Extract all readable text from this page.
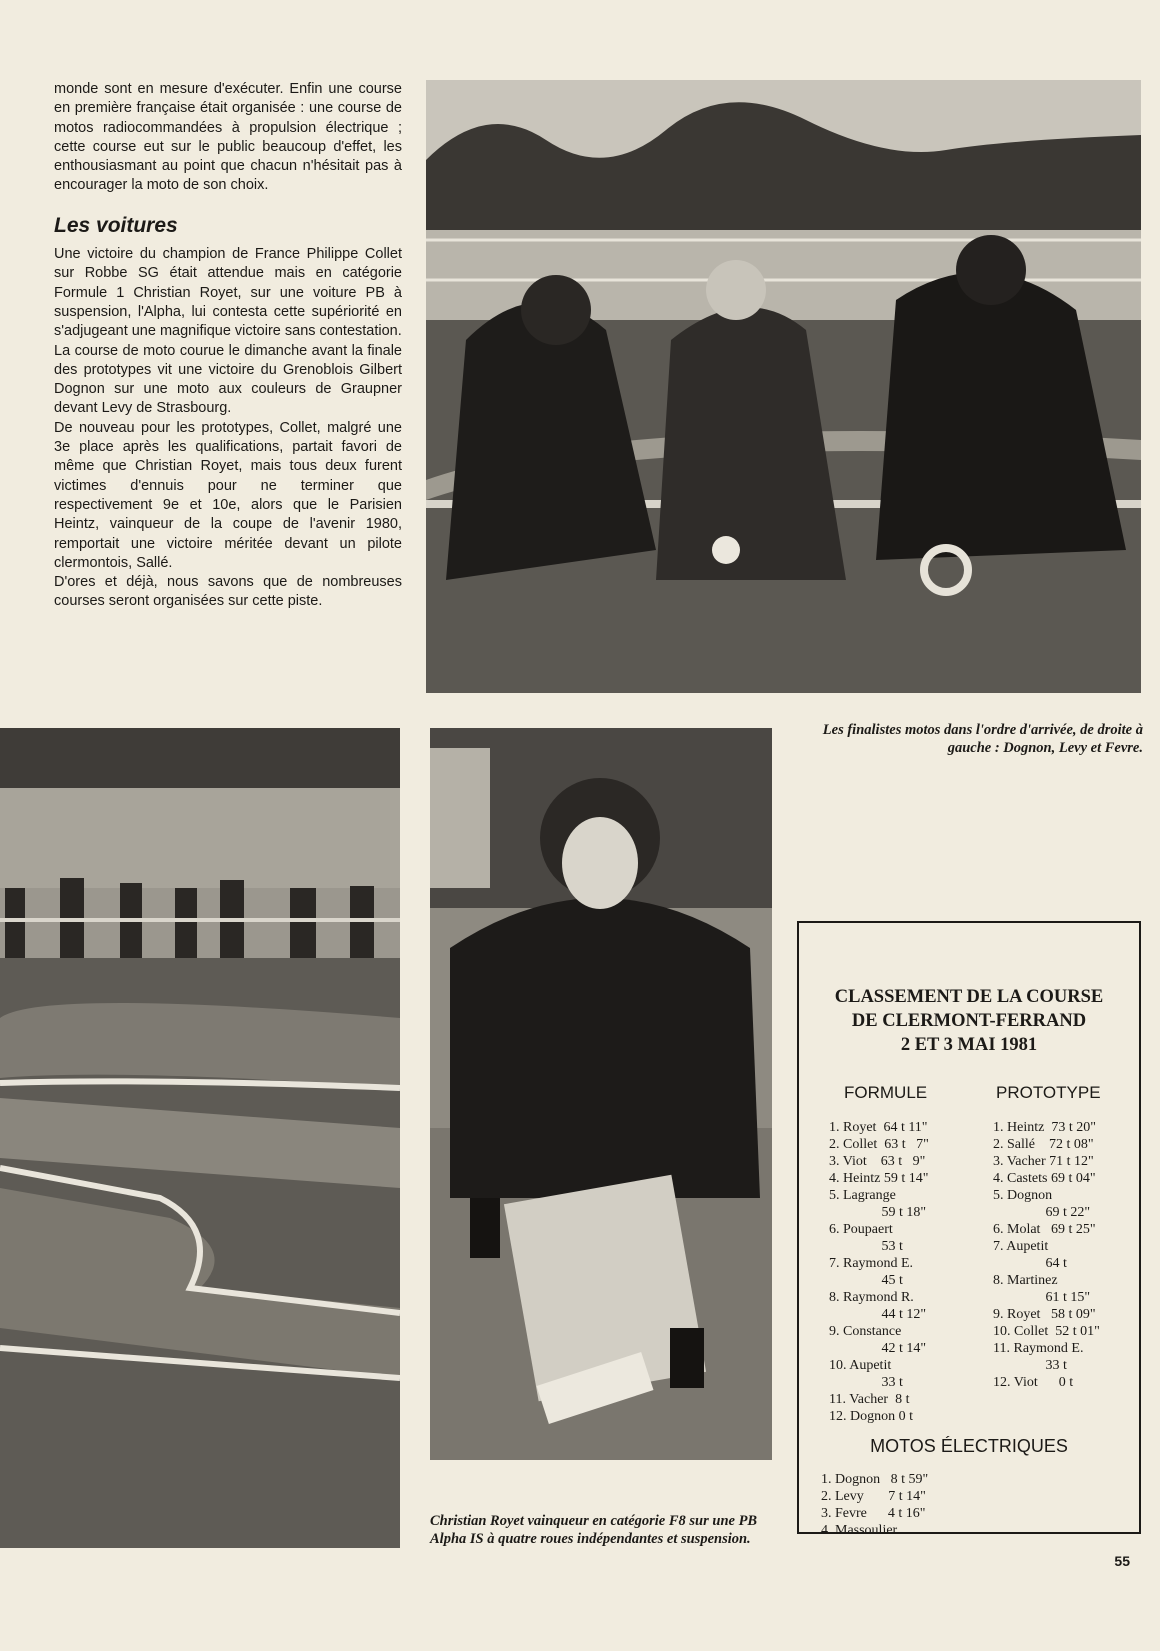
monde sont en mesure d'exécuter. Enfin une course en première française était organisée : une course de motos radiocommandées à propulsion électrique ; cette course eut sur le public beaucoup d'effet, les enthousiasmant au point que chacun n'hésitait pas à encourager la moto de son choix.

Les voitures

Une victoire du champion de France Philippe Collet sur Robbe SG était attendue mais en catégorie Formule 1 Christian Royet, sur une voiture PB à suspension, l'Alpha, lui contesta cette supériorité en s'adjugeant une magnifique victoire sans contestation.

La course de moto courue le dimanche avant la finale des prototypes vit une victoire du Grenoblois Gilbert Dognon sur une moto aux couleurs de Graupner devant Levy de Strasbourg.

De nouveau pour les prototypes, Collet, malgré une 3e place après les qualifications, partait favori de même que Christian Royet, mais tous deux furent victimes d'ennuis pour ne terminer que respectivement 9e et 10e, alors que le Parisien Heintz, vainqueur de la coupe de l'avenir 1980, remportait une victoire méritée devant un pilote clermontois, Sallé.

D'ores et déjà, nous savons que de nombreuses courses seront organisées sur cette piste.

Les finalistes motos dans l'ordre d'arrivée, de droite à gauche : Dognon, Levy et Fevre.
Christian Royet vainqueur en catégorie F8 sur une PB Alpha IS à quatre roues indépendantes et suspension.
CLASSEMENT DE LA COURSE
DE CLERMONT-FERRAND
2 ET 3 MAI 1981
FORMULE	PROTOTYPE
1. Royet  64 t 11"
2. Collet  63 t   7"
3. Viot    63 t   9"
4. Heintz 59 t 14"
5. Lagrange
59 t 18"
6. Poupaert
53 t
7. Raymond E.
45 t
8. Raymond R.
44 t 12"
9. Constance
42 t 14"
10. Aupetit
33 t
11. Vacher  8 t
12. Dognon 0 t
1. Heintz  73 t 20"
2. Sallé    72 t 08"
3. Vacher 71 t 12"
4. Castets 69 t 04"
5. Dognon
69 t 22"
6. Molat   69 t 25"
7. Aupetit
64 t
8. Martinez
61 t 15"
9. Royet   58 t 09"
10. Collet  52 t 01"
11. Raymond E.
33 t
12. Viot      0 t
MOTOS ÉLECTRIQUES
1. Dognon   8 t 59"
2. Levy       7 t 14"
3. Fevre      4 t 16"
4. Massoulier
55
